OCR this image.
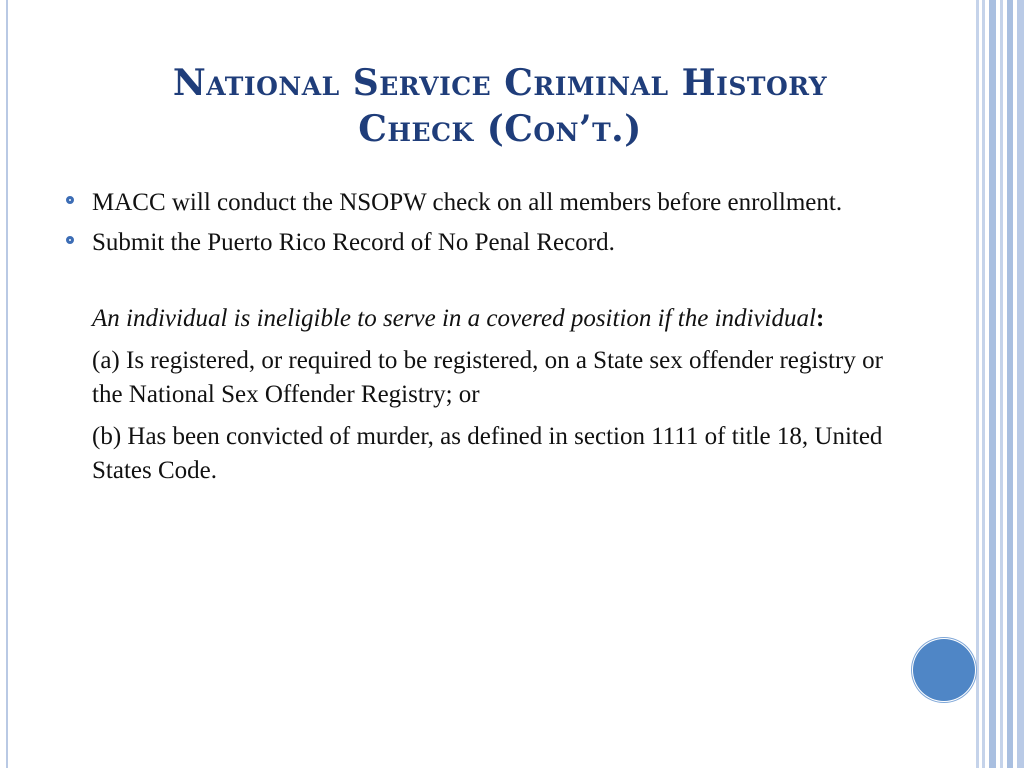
National Service Criminal History
Check (Con’t.)
MACC will conduct the NSOPW check on all members before enrollment.
Submit the Puerto Rico Record of No Penal Record.

An individual is ineligible to serve in a covered position if the individual:

(a) Is registered, or required to be registered, on a State sex offender registry or the National Sex Offender Registry; or

(b) Has been convicted of murder, as defined in section 1111 of title 18, United States Code.
